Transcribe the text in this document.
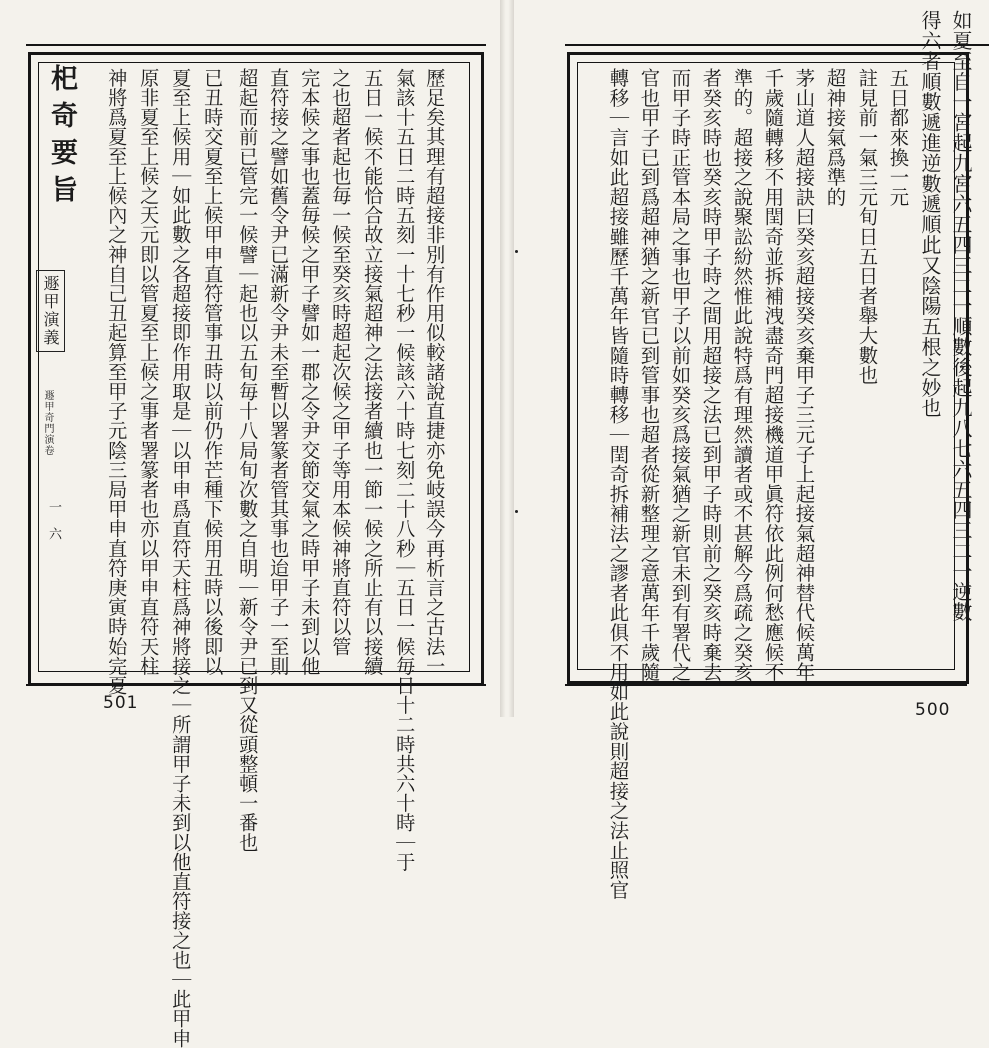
𣏌奇要旨
遯甲演義
遯甲奇門演卷
一六	歷足矣其理有超接非別有作用似較諸說直捷亦免岐誤今再析言之古法一
氣該十五日二時五刻一十七秒一候該六十時七刻二十八秒｜五日一候毎日十二時共六十時｜于
五日一候不能恰合故立接氣超神之法接者續也一節一候之所止有以接續
之也超者起也毎一候至癸亥時超起次候之甲子等用本候神將直符以管
完本候之事也蓋毎候之甲子譬如一郡之令尹交節交氣之時甲子未到以他
直符接之譬如舊令尹已滿新令尹未至暫以署篆者管其事也迨甲子一至則
超起而前已管完一候譬｜起也以五旬毎十八局旬次數之自明｜新令尹已到又從頭整頓一番也
已丑時交夏至上候甲申直符管事丑時以前仍作芒種下候用丑時以後即以
夏至上候用｜如此數之各超接即作用取是｜以甲申爲直符天柱爲神將接之｜所謂甲子未到以他直符接之也｜此甲申
原非夏至上候之天元即以管夏至上候之事者署篆者也亦以甲申直符天柱
神將爲夏至上候內之神自己丑起算至甲子元陰三局甲申直符庚寅時始完夏
501
如夏至自一宮起九宮六五四三二一順數後起九八七六五四三二一逆數
得六者順數遞進逆數遞順此又陰陽五根之妙也
五日都來換一元
註見前一氣三元旬日五日者舉大數也
超神接氣爲準的
茅山道人超接訣曰癸亥超接癸亥棄甲子三元子上起接氣超神替代候萬年
千歲隨轉移不用閏奇並拆補洩盡奇門超接機道甲眞符依此例何愁應候不
準的。超接之說聚訟紛然惟此說特爲有理然讀者或不甚解今爲疏之癸亥
者癸亥時也癸亥時甲子時之間用超接之法已到甲子時則前之癸亥時棄去
而甲子時正管本局之事也甲子以前如癸亥爲接氣猶之新官未到有署代之
官也甲子已到爲超神猶之新官已到管事也超者從新整理之意萬年千歲隨
轉移｜言如此超接雖歷千萬年皆隨時轉移｜閏奇拆補法之謬者此俱不用如此說則超接之法止照官	500
